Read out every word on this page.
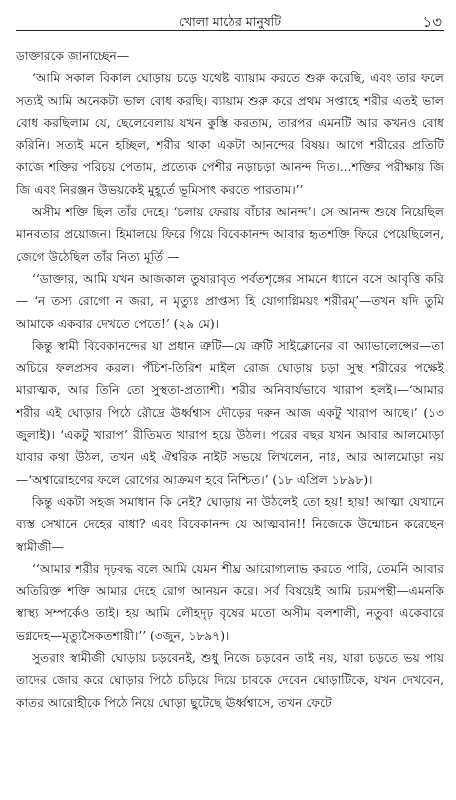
খোলা মাঠের মানুষটি	১৩

ডাক্তারকে জানাচ্ছেন—

‘আমি সকাল বিকাল ঘোড়ায় চড়ে যথেষ্ট ব্যায়াম করতে শুরু করেছি, এবং তার ফলে সত্যই আমি অনেকটা ভাল বোধ করছি। ব্যায়াম শুরু করে প্রথম সপ্তাহে শরীর এতই ভাল বোধ করছিলাম যে, ছেলেবেলায় যখন কুস্তি করতাম, তারপর এমনটি আর কখনও বোধ করিনি। সত্যই মনে হচ্ছিল, শরীর থাকা একটা আনন্দের বিষয়। আগে শরীরের প্রতিটি কাজে শক্তির পরিচয় পেতাম, প্রত্যেক পেশীর নড়াচড়া আনন্দ দিত।...শক্তির পরীক্ষায় জি জি এবং নিরঞ্জন উভয়কেই মুহূর্তে ভূমিসাৎ করতে পারতাম।’’

অসীম শক্তি ছিল তাঁর দেহে। ‘চলায় ফেরায় বাঁচার আনন্দ’। সে আনন্দ শুষে নিয়েছিল মানবতার প্রয়োজন। হিমালয়ে ফিরে গিয়ে বিবেকানন্দ আবার হৃতশক্তি ফিরে পেয়েছিলেন, জেগে উঠেছিল তাঁর নিত্য মূর্তি —

‘‘ডাক্তার, আমি যখন আজকাল তুষারাবৃত পর্বতশৃঙ্গের সামনে ধ্যানে বসে আবৃত্তি করি— ‘ন তস্য রোগো ন জরা, ন মৃত্যুঃ প্রাপ্তস্য হি যোগাগ্নিময়ং শরীরম্’—তখন যদি তুমি আমাকে একবার দেখতে পেতে!’ (২৯ মে)।

কিন্তু স্বামী বিবেকানন্দের যা প্রধান ত্রুটি—যে ত্রুটি সাইক্লোনের বা অ্যাভালেন্সের—তা অচিরে ফলপ্রসব করল। পঁচিশ-তিরিশ মাইল রোজ ঘোড়ায় চড়া সুস্থ শরীরের পক্ষেই মারাত্মক, আর তিনি তো সুস্থতা-প্রত্যাশী। শরীর অনিবার্যভাবে খারাপ হলই।—‘আমার শরীর এই ঘোড়ার পিঠে রৌদ্রে ঊর্ধ্বশ্বাস দৌড়ের দরুন আজ একটু খারাপ আছে।’ (১৩ জুলাই)। ‘একটু খারাপ’ রীতিমত খারাপ হয়ে উঠল। পরের বছর যখন আবার আলমোড়া যাবার কথা উঠল, তখন এই ঐশ্বরিক নাইট সভয়ে লিখলেন, নাঃ, আর আলমোড়া নয়—‘অশ্বারোহণের ফলে রোগের আক্রমণ হবে নিশ্চিত।’ (১৮ এপ্রিল ১৮৯৮)।

কিন্তু একটা সহজ সমাধান কি নেই? ঘোড়ায় না উঠলেই তো হয়! হায়! আত্মা যেখানে ব্যস্ত সেখানে দেহের বাধা? এবং বিবেকানন্দ যে আত্মবান!! নিজেকে উন্মোচন করেছেন স্বামীজী—

‘‘আমার শরীর দৃঢ়বদ্ধ বলে আমি যেমন শীঘ্র আরোগ্যলাভ করতে পারি, তেমনি আবার অতিরিক্ত শক্তি আমার দেহে রোগ আনয়ন করে। সর্ব বিষয়েই আমি চরমপন্থী—এমনকি স্বাস্থ্য সম্পর্কেও তাই। হয় আমি লৌহদৃঢ় বৃষের মতো অসীম বলশালী, নতুবা একেবারে ভগ্নদেহ—মৃত্যুসৈকতশায়ী।’’ (৩জুন, ১৮৯৭)।

সুতরাং স্বামীজী ঘোড়ায় চড়বেনই, শুধু নিজে চড়বেন তাই নয়, যারা চড়তে ভয় পায় তাদের জোর করে ঘোড়ার পিঠে চড়িয়ে দিয়ে চাবকে দেবেন ঘোড়াটিকে, যখন দেখবেন, কাতর আরোহীকে পিঠে নিয়ে ঘোড়া ছুটেছে ঊর্ধ্বশ্বাসে, তখন ফেটে
